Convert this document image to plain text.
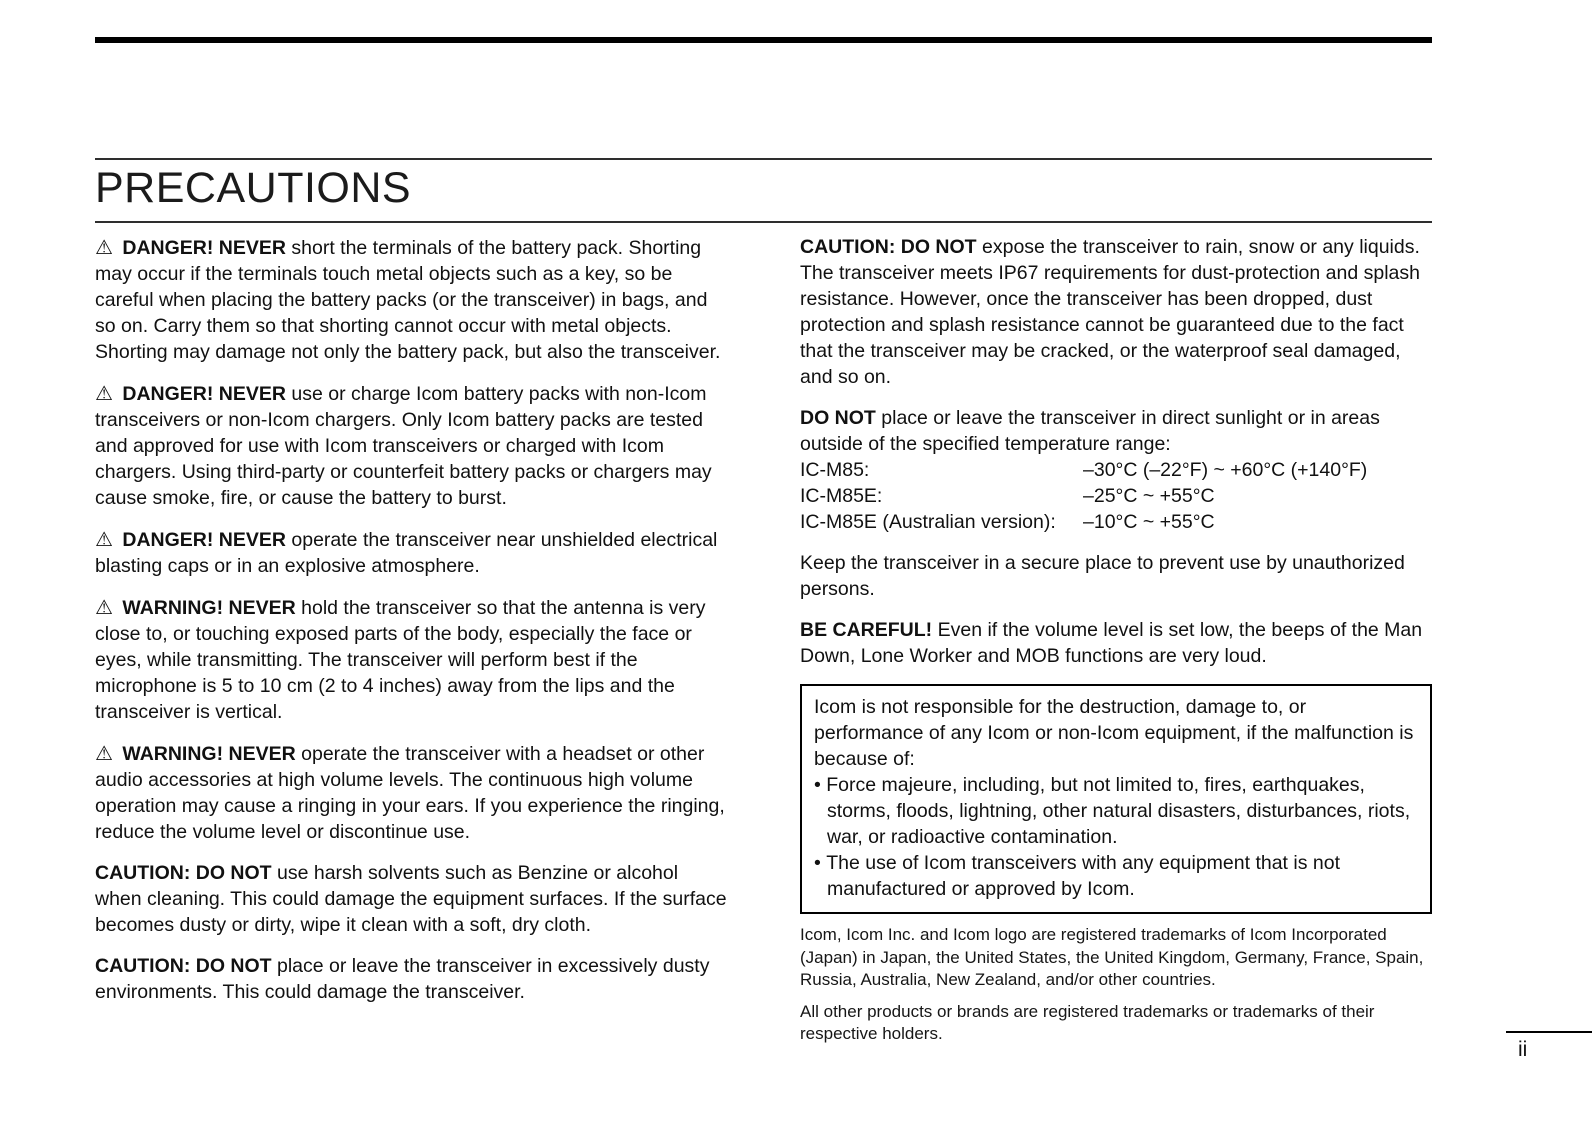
PRECAUTIONS

⚠ DANGER! NEVER short the terminals of the battery pack. Shorting may occur if the terminals touch metal objects such as a key, so be careful when placing the battery packs (or the transceiver) in bags, and so on. Carry them so that shorting cannot occur with metal objects. Shorting may damage not only the battery pack, but also the transceiver.

⚠ DANGER! NEVER use or charge Icom battery packs with non-Icom transceivers or non-Icom chargers. Only Icom battery packs are tested and approved for use with Icom transceivers or charged with Icom chargers. Using third-party or counterfeit battery packs or chargers may cause smoke, fire, or cause the battery to burst.

⚠ DANGER! NEVER operate the transceiver near unshielded electrical blasting caps or in an explosive atmosphere.

⚠ WARNING! NEVER hold the transceiver so that the antenna is very close to, or touching exposed parts of the body, especially the face or eyes, while transmitting. The transceiver will perform best if the microphone is 5 to 10 cm (2 to 4 inches) away from the lips and the transceiver is vertical.

⚠ WARNING! NEVER operate the transceiver with a headset or other audio accessories at high volume levels. The continuous high volume operation may cause a ringing in your ears. If you experience the ringing, reduce the volume level or discontinue use.

CAUTION: DO NOT use harsh solvents such as Benzine or alcohol when cleaning. This could damage the equipment surfaces. If the surface becomes dusty or dirty, wipe it clean with a soft, dry cloth.

CAUTION: DO NOT place or leave the transceiver in excessively dusty environments. This could damage the transceiver.

CAUTION: DO NOT expose the transceiver to rain, snow or any liquids. The transceiver meets IP67 requirements for dust-protection and splash resistance. However, once the transceiver has been dropped, dust protection and splash resistance cannot be guaranteed due to the fact that the transceiver may be cracked, or the waterproof seal damaged, and so on.

DO NOT place or leave the transceiver in direct sunlight or in areas outside of the specified temperature range:

IC-M85:	–30°C (–22°F) ~ +60°C (+140°F)
IC-M85E:	–25°C ~ +55°C
IC-M85E (Australian version):	–10°C ~ +55°C

Keep the transceiver in a secure place to prevent use by unauthorized persons.

BE CAREFUL! Even if the volume level is set low, the beeps of the Man Down, Lone Worker and MOB functions are very loud.

Icom is not responsible for the destruction, damage to, or performance of any Icom or non-Icom equipment, if the malfunction is because of:

• Force majeure, including, but not limited to, fires, earthquakes, storms, floods, lightning, other natural disasters, disturbances, riots, war, or radioactive contamination.
• The use of Icom transceivers with any equipment that is not manufactured or approved by Icom.

Icom, Icom Inc. and Icom logo are registered trademarks of Icom Incorporated (Japan) in Japan, the United States, the United Kingdom, Germany, France, Spain, Russia, Australia, New Zealand, and/or other countries.

All other products or brands are registered trademarks or trademarks of their respective holders.

ii
